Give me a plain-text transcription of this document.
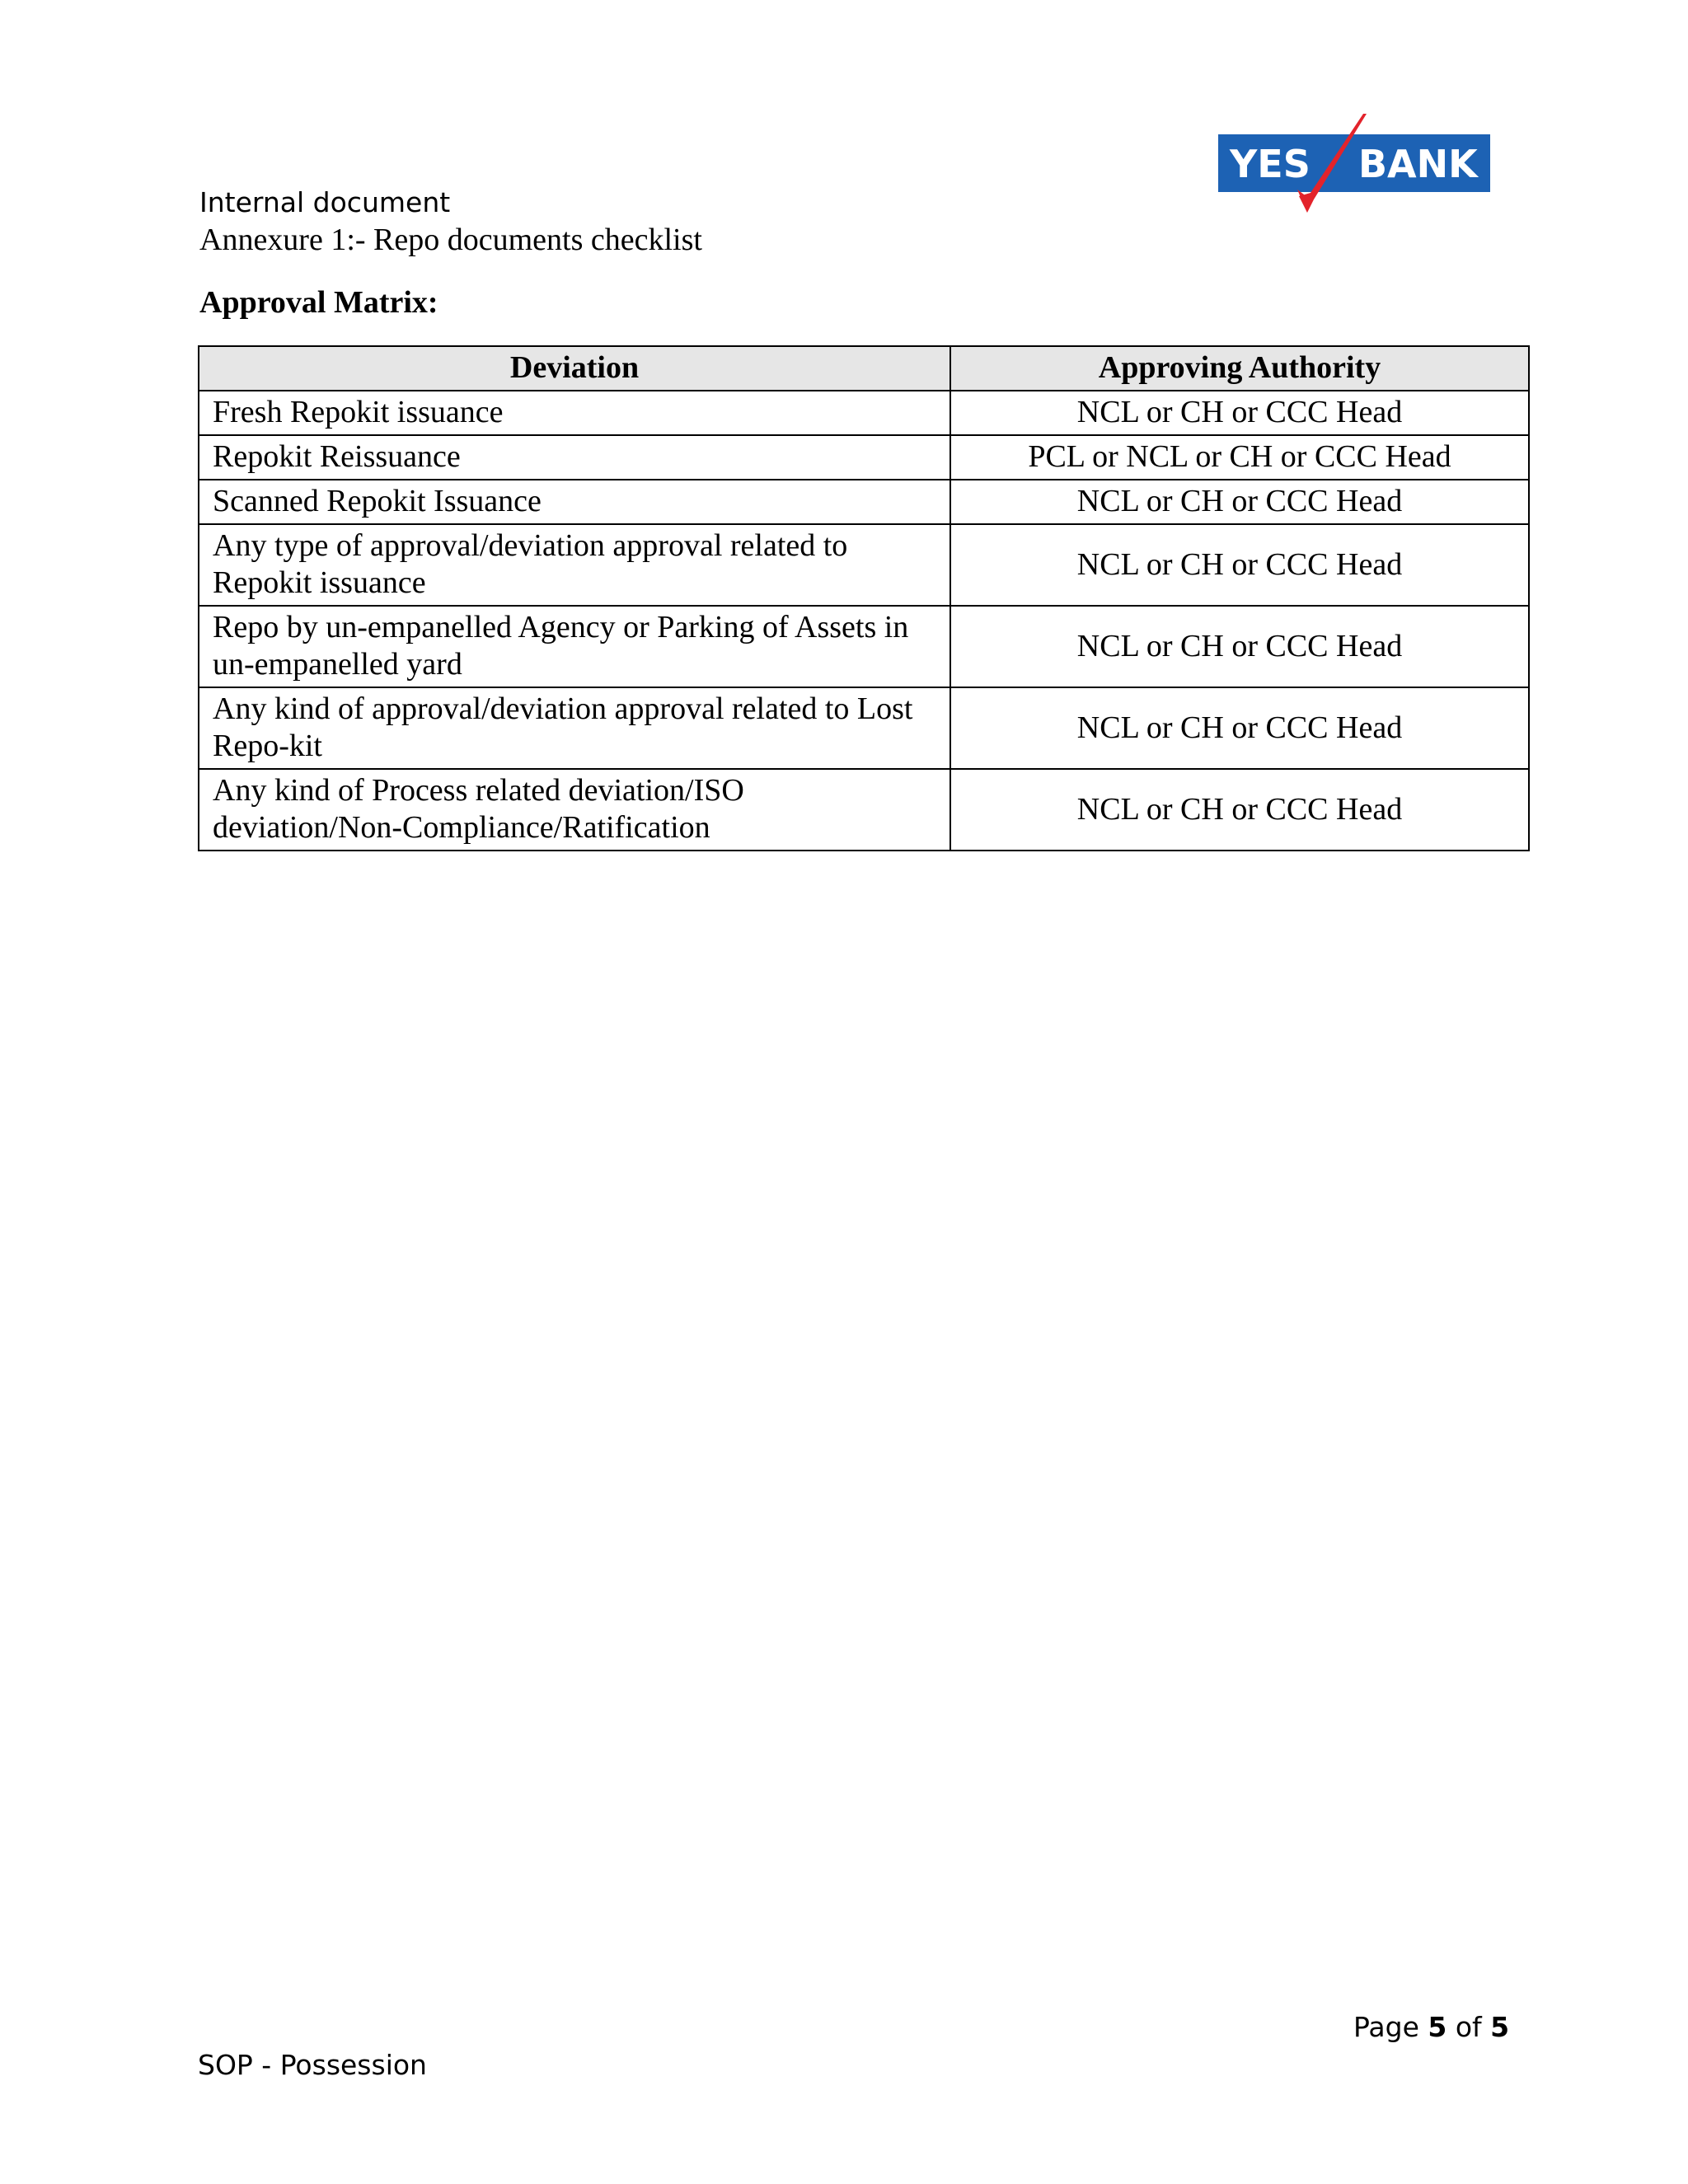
YES BANK
Internal document
Annexure 1:- Repo documents checklist
Approval Matrix:
Deviation	Approving Authority
Fresh Repokit issuance	NCL or CH or CCC Head
Repokit Reissuance	PCL or NCL or CH or CCC Head
Scanned Repokit Issuance	NCL or CH or CCC Head
Any type of approval/deviation approval related to Repokit issuance	NCL or CH or CCC Head
Repo by un-empanelled Agency or Parking of Assets in un-empanelled yard	NCL or CH or CCC Head
Any kind of approval/deviation approval related to Lost Repo-kit	NCL or CH or CCC Head
Any kind of Process related deviation/ISO deviation/Non-Compliance/Ratification	NCL or CH or CCC Head
Page 5 of 5
SOP - Possession
